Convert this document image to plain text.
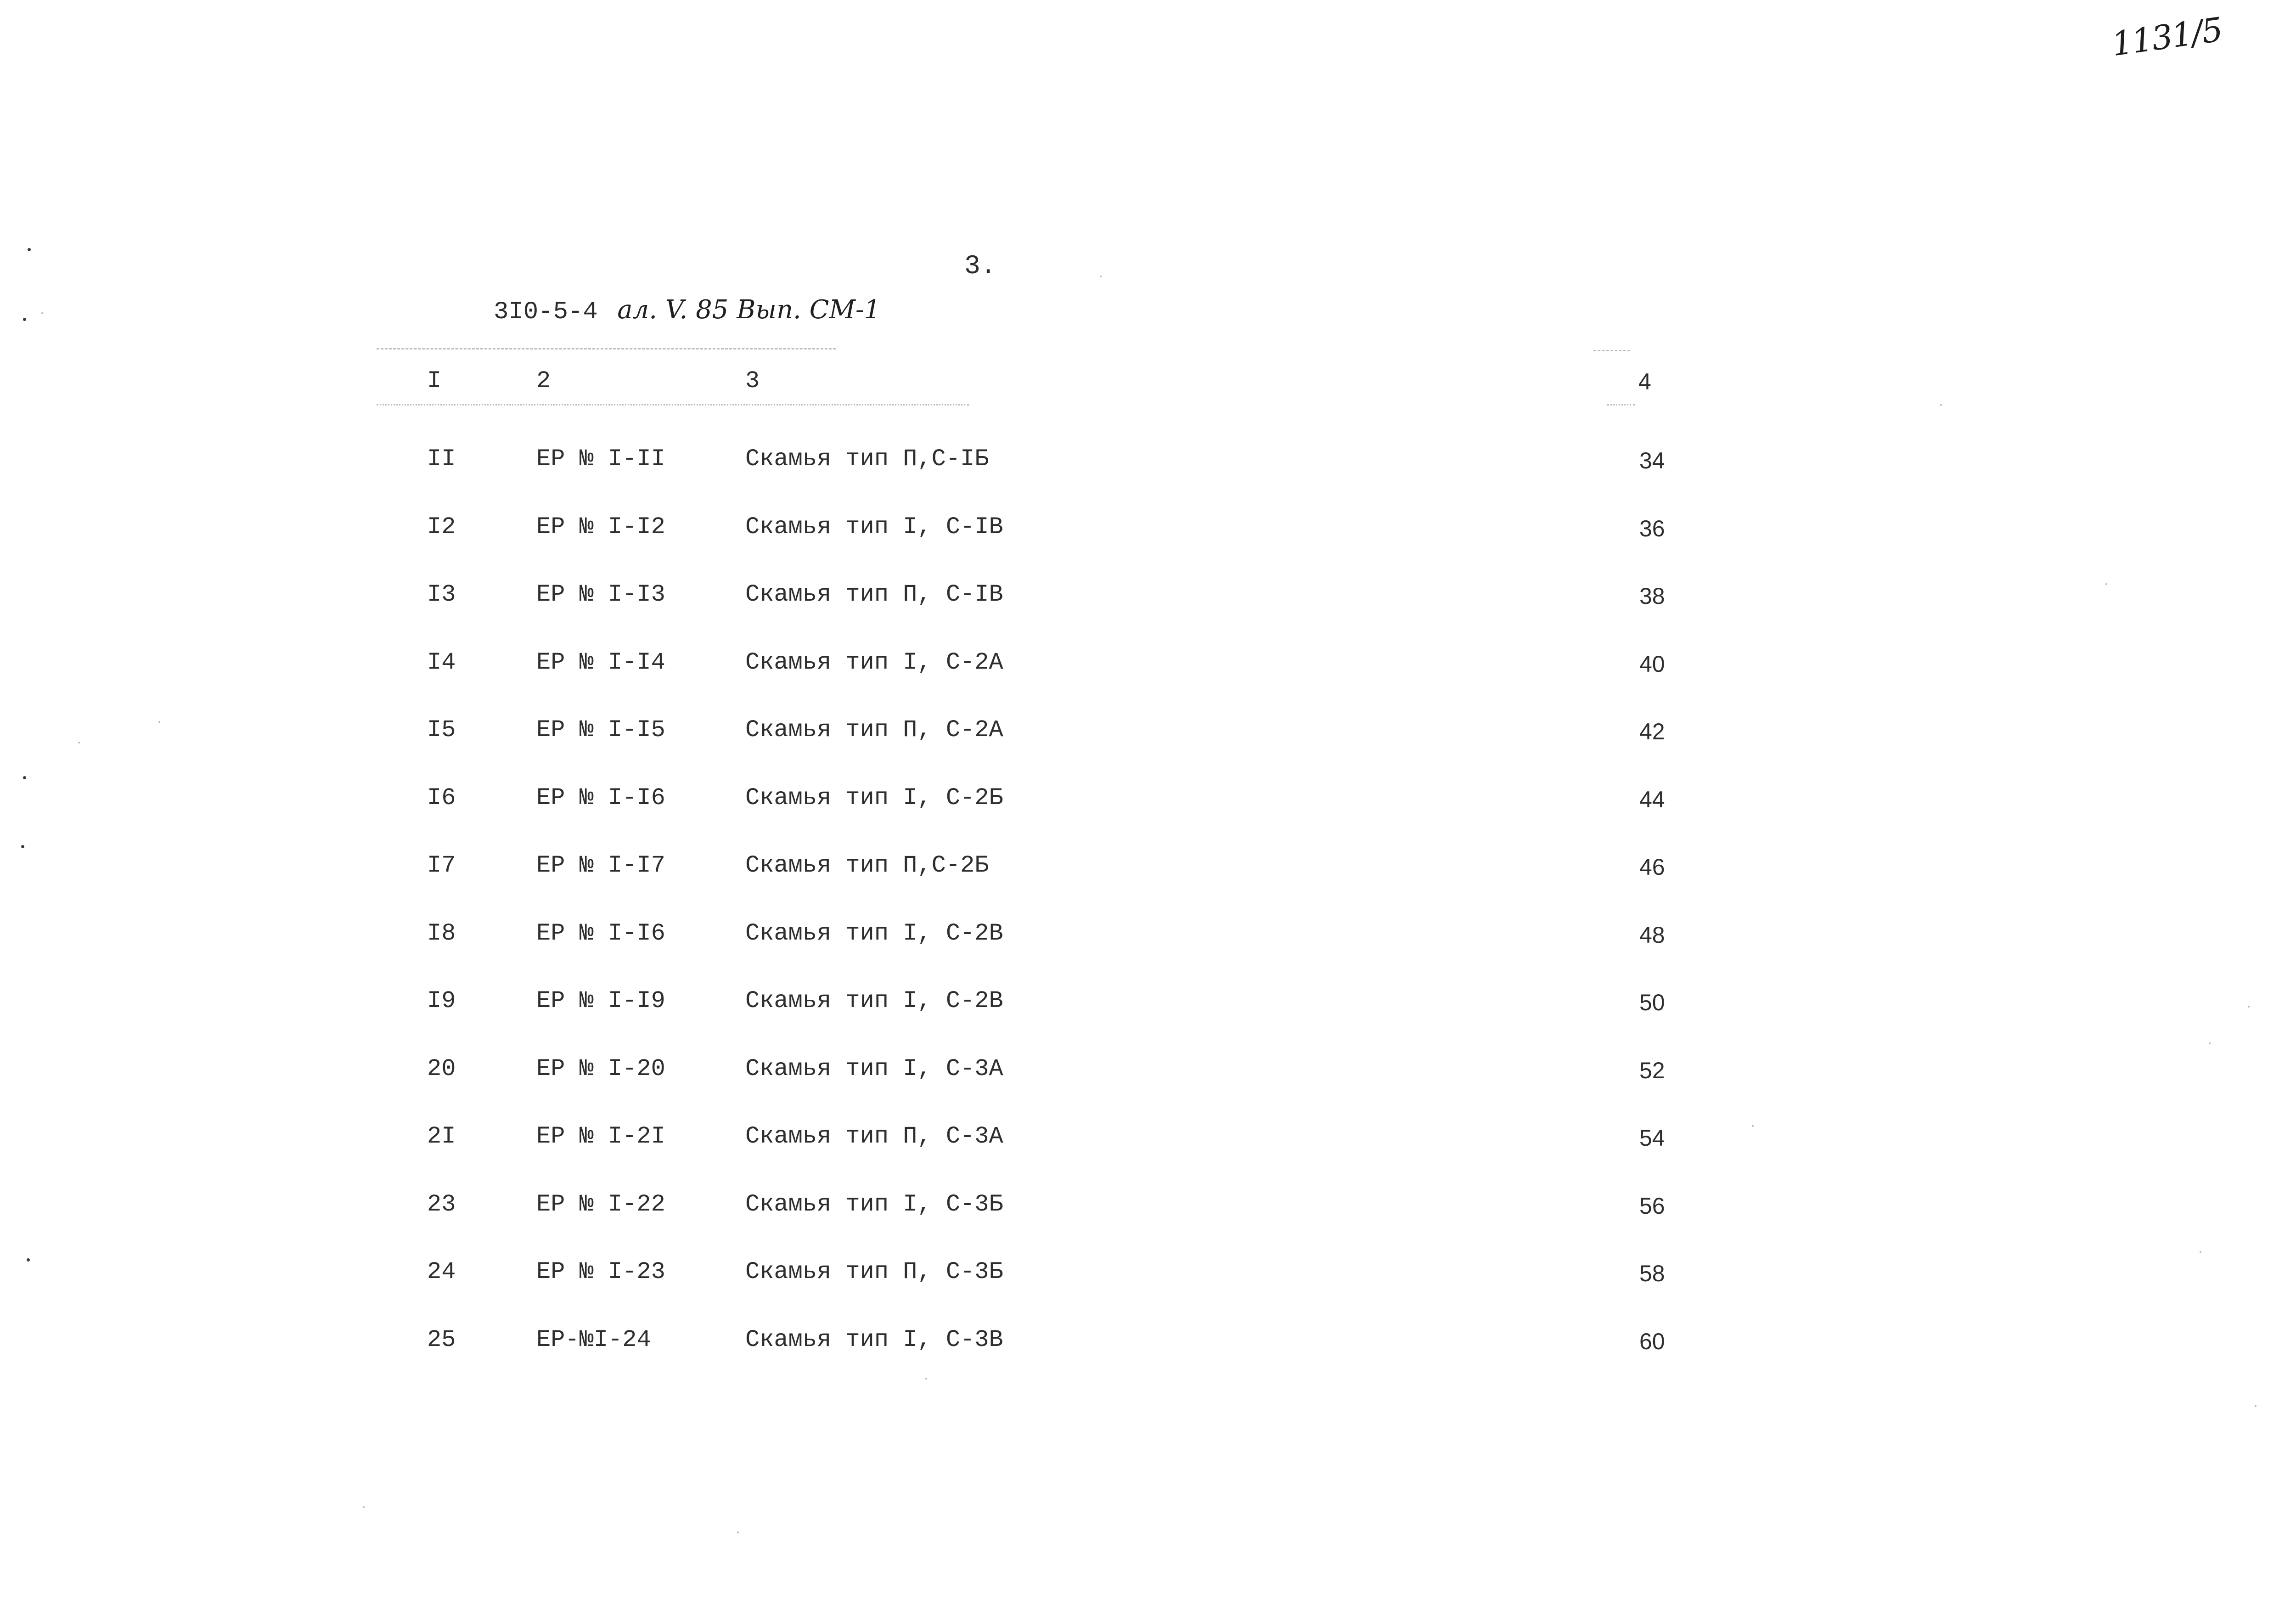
1131/5
3.
3I0-5-4 ал. V. 85 Вып. СМ-1
I	2	3	4
II	ЕР № I-II	Скамья тип П,С-IБ	34
I2	ЕР № I-I2	Скамья тип I, С-IВ	36
I3	ЕР № I-I3	Скамья тип П, С-IВ	38
I4	ЕР № I-I4	Скамья тип I, С-2А	40
I5	ЕР № I-I5	Скамья тип П, С-2А	42
I6	ЕР № I-I6	Скамья тип I, С-2Б	44
I7	ЕР № I-I7	Скамья тип П,С-2Б	46
I8	ЕР № I-I6	Скамья тип I, С-2В	48
I9	ЕР № I-I9	Скамья тип I, С-2В	50
20	ЕР № I-20	Скамья тип I, С-3А	52
2I	ЕР № I-2I	Скамья тип П, С-3А	54
23	ЕР № I-22	Скамья тип I, С-3Б	56
24	ЕР № I-23	Скамья тип П, С-3Б	58
25	ЕР-№I-24	Скамья тип I, С-3В	60
